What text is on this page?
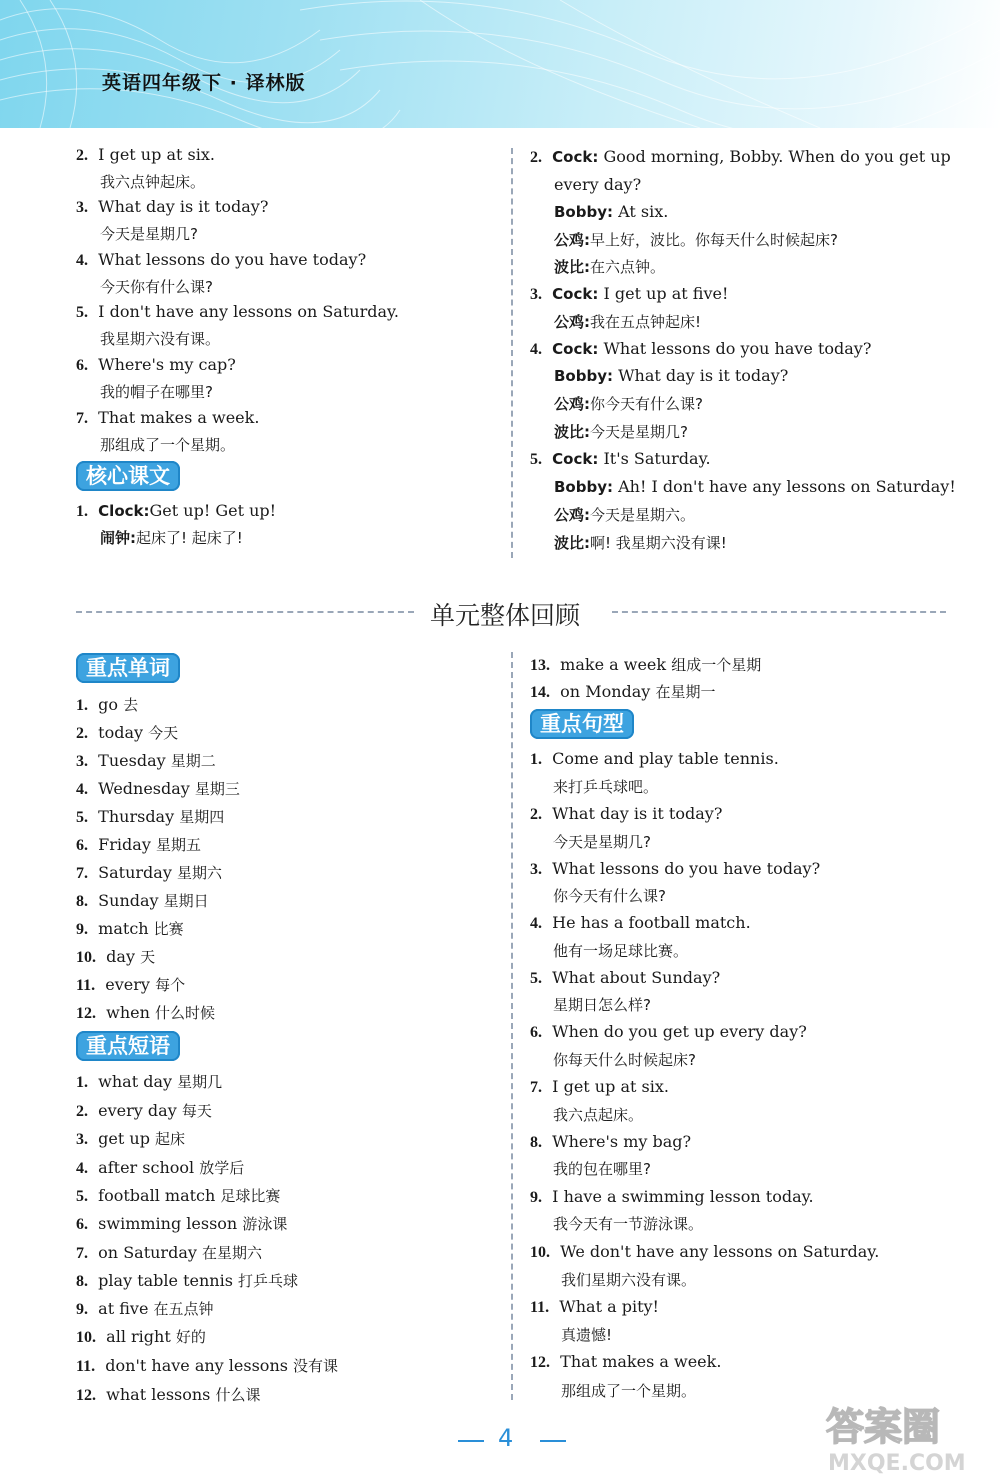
英语四年级下 · 译林版
2. I get up at six.
我六点钟起床。
3. What day is it today?
今天是星期几?
4. What lessons do you have today?
今天你有什么课?
5. I don't have any lessons on Saturday.
我星期六没有课。
6. Where's my cap?
我的帽子在哪里?
7. That makes a week.
那组成了一个星期。
核心课文
1. Clock:Get up! Get up!
闹钟:起床了! 起床了!
2. Cock: Good morning, Bobby. When do you get up
every day?
Bobby: At six.
公鸡:早上好，波比。你每天什么时候起床?
波比:在六点钟。
3. Cock: I get up at five!
公鸡:我在五点钟起床!
4. Cock: What lessons do you have today?
Bobby: What day is it today?
公鸡:你今天有什么课?
波比:今天是星期几?
5. Cock: It's Saturday.
Bobby: Ah! I don't have any lessons on Saturday!
公鸡:今天是星期六。
波比:啊! 我星期六没有课!
单元整体回顾
重点单词
1. go 去
2. today 今天
3. Tuesday 星期二
4. Wednesday 星期三
5. Thursday 星期四
6. Friday 星期五
7. Saturday 星期六
8. Sunday 星期日
9. match 比赛
10. day 天
11. every 每个
12. when 什么时候
重点短语
1. what day 星期几
2. every day 每天
3. get up 起床
4. after school 放学后
5. football match 足球比赛
6. swimming lesson 游泳课
7. on Saturday 在星期六
8. play table tennis 打乒乓球
9. at five 在五点钟
10. all right 好的
11. don't have any lessons 没有课
12. what lessons 什么课
13. make a week 组成一个星期
14. on Monday 在星期一
重点句型
1. Come and play table tennis.
来打乒乓球吧。
2. What day is it today?
今天是星期几?
3. What lessons do you have today?
你今天有什么课?
4. He has a football match.
他有一场足球比赛。
5. What about Sunday?
星期日怎么样?
6. When do you get up every day?
你每天什么时候起床?
7. I get up at six.
我六点起床。
8. Where's my bag?
我的包在哪里?
9. I have a swimming lesson today.
我今天有一节游泳课。
10. We don't have any lessons on Saturday.
我们星期六没有课。
11. What a pity!
真遗憾!
12. That makes a week.
那组成了一个星期。
4	答案圈
MXQE.COM
